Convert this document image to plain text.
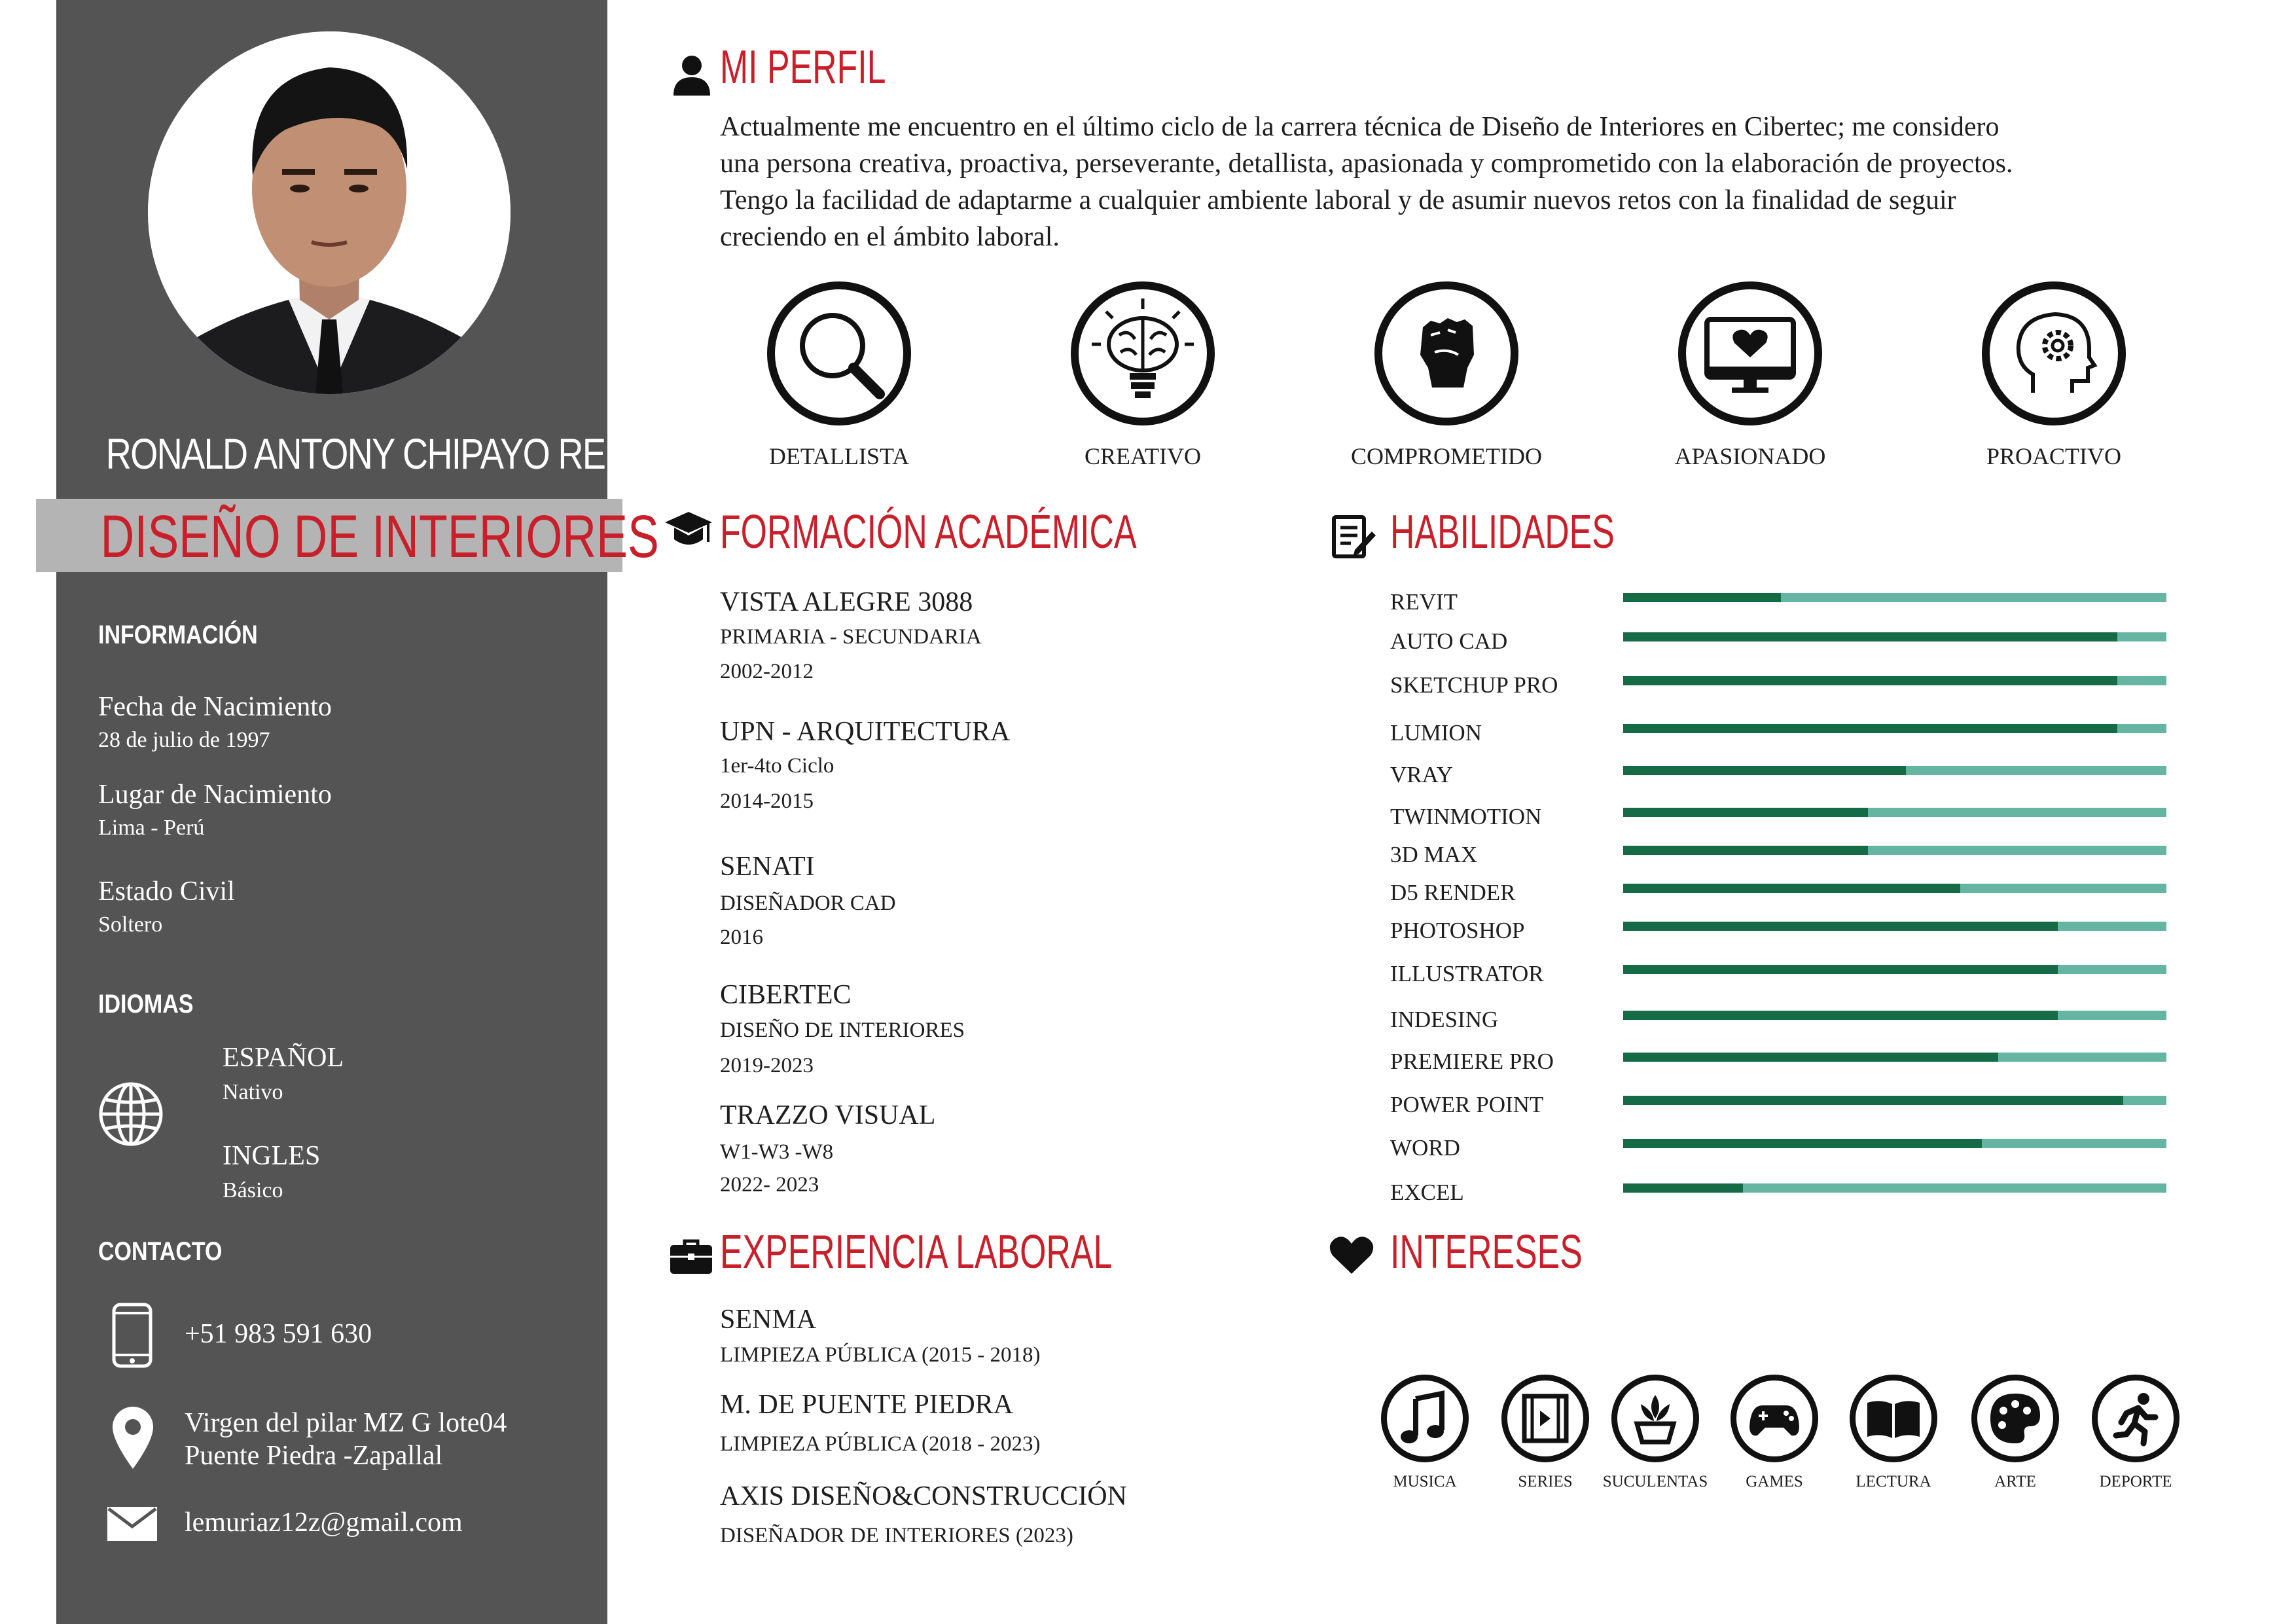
RONALD ANTONY CHIPAYO REMACHE
DISEÑO DE INTERIORES
INFORMACIÓN
Fecha de Nacimiento
28 de julio de 1997
Lugar de Nacimiento
Lima - Perú
Estado Civil
Soltero
IDIOMAS
ESPAÑOL
Nativo
INGLES
Básico
CONTACTO
+51 983 591 630
Virgen del pilar MZ G lote04
Puente Piedra -Zapallal
lemuriaz12z@gmail.com
MI PERFIL
Actualmente me encuentro en el último ciclo de la carrera técnica de Diseño de Interiores en Cibertec; me considero
una persona creativa, proactiva, perseverante, detallista, apasionada y comprometido con la elaboración de proyectos.
Tengo la facilidad de adaptarme a cualquier ambiente laboral y de asumir nuevos retos con la finalidad de seguir
creciendo en el ámbito laboral.
DETALLISTA	CREATIVO	COMPROMETIDO	APASIONADO	PROACTIVO
FORMACIÓN ACADÉMICA
VISTA ALEGRE 3088
PRIMARIA - SECUNDARIA
2002-2012
UPN - ARQUITECTURA
1er-4to Ciclo
2014-2015
SENATI
DISEÑADOR CAD
2016
CIBERTEC
DISEÑO DE INTERIORES
2019-2023
TRAZZO VISUAL
W1-W3 -W8
2022- 2023
EXPERIENCIA LABORAL
SENMA
LIMPIEZA PÚBLICA (2015 - 2018)
M. DE PUENTE PIEDRA
LIMPIEZA PÚBLICA (2018 - 2023)
AXIS DISEÑO&CONSTRUCCIÓN
DISEÑADOR DE INTERIORES (2023)
HABILIDADES
REVIT
AUTO CAD
SKETCHUP PRO
LUMION
VRAY
TWINMOTION
3D MAX
D5 RENDER
PHOTOSHOP
ILLUSTRATOR
INDESING
PREMIERE PRO
POWER POINT
WORD
EXCEL
INTERESES
MUSICA	SERIES	SUCULENTAS	GAMES	LECTURA	ARTE	DEPORTE
